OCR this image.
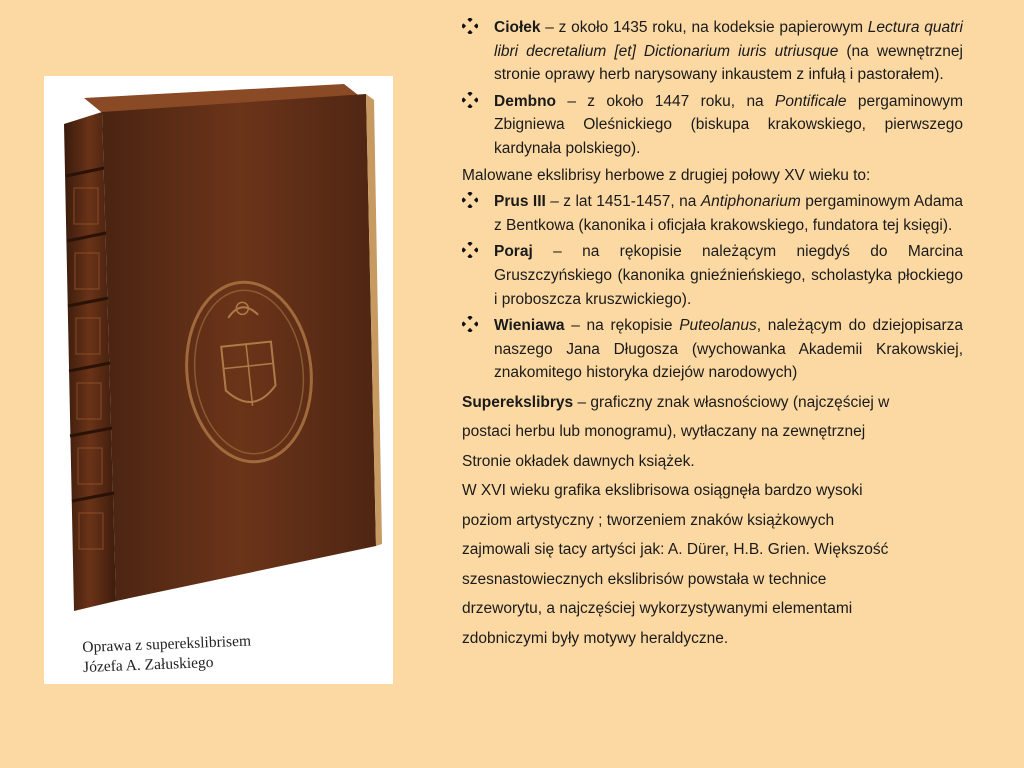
Oprawa z superekslibrisem
Józefa A. Załuskiego
Ciołek – z około 1435 roku, na kodeksie papierowym Lectura quatri libri decretalium [et] Dictionarium iuris utriusque (na wewnętrznej stronie oprawy herb narysowany inkaustem z infułą i pastorałem).
Dembno – z około 1447 roku, na Pontificale pergaminowym Zbigniewa Oleśnickiego (biskupa krakowskiego, pierwszego kardynała polskiego).
Malowane ekslibrisy herbowe z drugiej połowy XV wieku to:
Prus III – z lat 1451-1457, na Antiphonarium pergaminowym Adama z Bentkowa (kanonika i oficjała krakowskiego, fundatora tej księgi).
Poraj – na rękopisie należącym niegdyś do Marcina Gruszczyńskiego (kanonika gnieźnieńskiego, scholastyka płockiego i proboszcza kruszwickiego).
Wieniawa – na rękopisie Puteolanus, należącym do dziejopisarza naszego Jana Długosza (wychowanka Akademii Krakowskiej, znakomitego historyka dziejów narodowych)

Superekslibrys – graficzny znak własnościowy (najczęściej w

postaci herbu lub monogramu), wytłaczany na zewnętrznej

Stronie okładek dawnych książek.

W XVI wieku grafika ekslibrisowa osiągnęła bardzo wysoki

poziom artystyczny ; tworzeniem znaków książkowych

zajmowali się tacy artyści jak: A. Dürer, H.B. Grien. Większość

szesnastowiecznych ekslibrisów powstała w technice

drzeworytu, a najczęściej wykorzystywanymi elementami

zdobniczymi były motywy heraldyczne.
